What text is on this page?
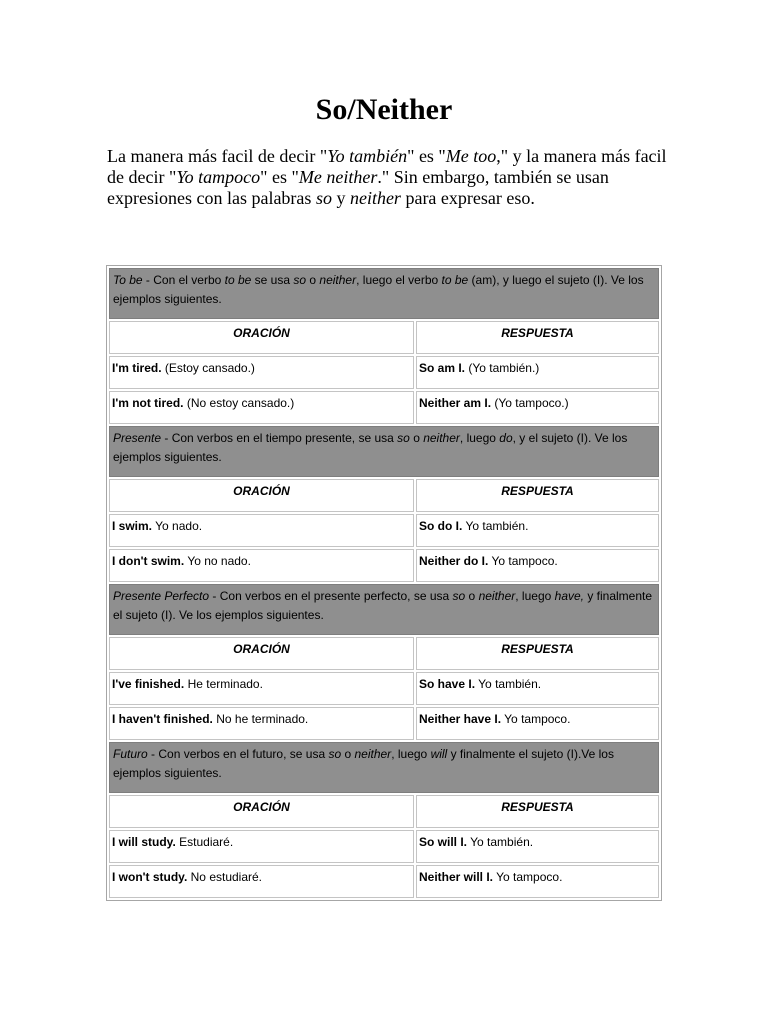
So/Neither

La manera más facil de decir "Yo también" es "Me too," y la manera más facil de decir "Yo tampoco" es "Me neither." Sin embargo, también se usan expresiones con las palabras so y neither para expresar eso.

To be - Con el verbo to be se usa so o neither, luego el verbo to be (am), y luego el sujeto (I). Ve los ejemplos siguientes.	
ORACIÓN	RESPUESTA
I'm tired. (Estoy cansado.)	So am I. (Yo también.)
I'm not tired. (No estoy cansado.)	Neither am I. (Yo tampoco.)
Presente - Con verbos en el tiempo presente, se usa so o neither, luego do, y el sujeto (I). Ve los ejemplos siguientes.	
ORACIÓN	RESPUESTA
I swim. Yo nado.	So do I. Yo también.
I don't swim. Yo no nado.	Neither do I. Yo tampoco.
Presente Perfecto - Con verbos en el presente perfecto, se usa so o neither, luego have, y finalmente el sujeto (I). Ve los ejemplos siguientes.	
ORACIÓN	RESPUESTA
I've finished. He terminado.	So have I. Yo también.
I haven't finished. No he terminado.	Neither have I. Yo tampoco.
Futuro - Con verbos en el futuro, se usa so o neither, luego will y finalmente el sujeto (I).Ve los ejemplos siguientes.	
ORACIÓN	RESPUESTA
I will study. Estudiaré.	So will I. Yo también.
I won't study. No estudiaré.	Neither will I. Yo tampoco.
